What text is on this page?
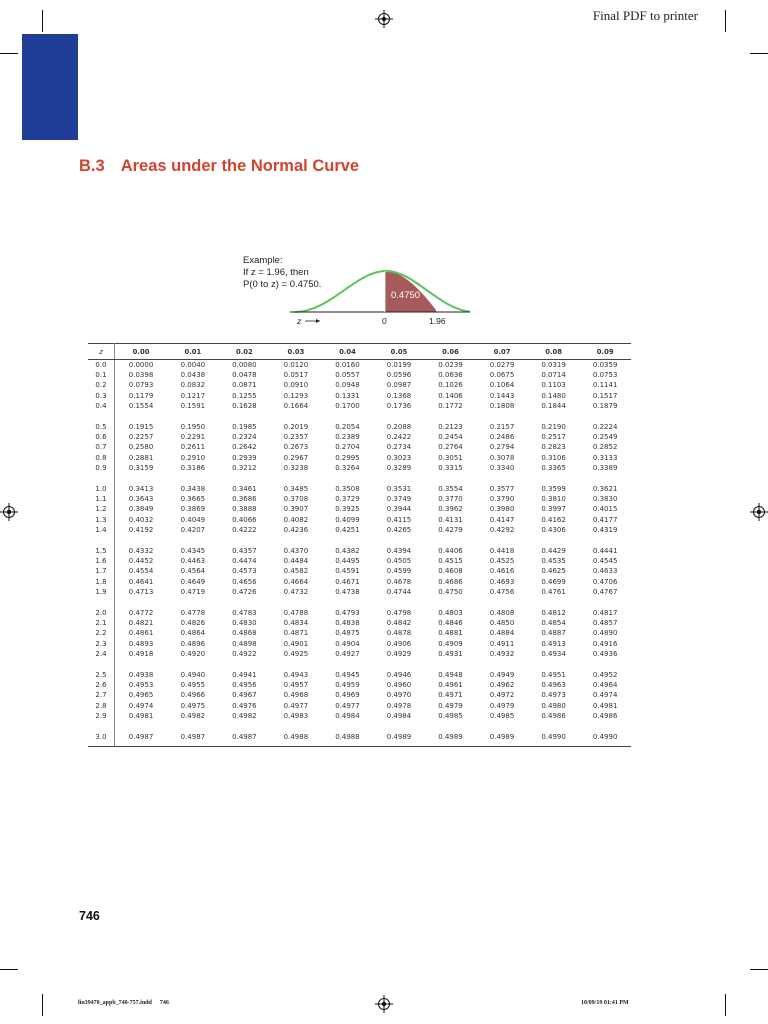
Final PDF to printer
B.3 Areas under the Normal Curve
Example:
If z = 1.96, then
P(0 to z) = 0.4750.
0.4750
z	0	1.96
z	0.00	0.01	0.02	0.03	0.04	0.05	0.06	0.07	0.08	0.09
0.0	0.0000	0.0040	0.0080	0.0120	0.0160	0.0199	0.0239	0.0279	0.0319	0.0359
0.1	0.0398	0.0438	0.0478	0.0517	0.0557	0.0596	0.0636	0.0675	0.0714	0.0753
0.2	0.0793	0.0832	0.0871	0.0910	0.0948	0.0987	0.1026	0.1064	0.1103	0.1141
0.3	0.1179	0.1217	0.1255	0.1293	0.1331	0.1368	0.1406	0.1443	0.1480	0.1517
0.4	0.1554	0.1591	0.1628	0.1664	0.1700	0.1736	0.1772	0.1808	0.1844	0.1879

0.5	0.1915	0.1950	0.1985	0.2019	0.2054	0.2088	0.2123	0.2157	0.2190	0.2224
0.6	0.2257	0.2291	0.2324	0.2357	0.2389	0.2422	0.2454	0.2486	0.2517	0.2549
0.7	0.2580	0.2611	0.2642	0.2673	0.2704	0.2734	0.2764	0.2794	0.2823	0.2852
0.8	0.2881	0.2910	0.2939	0.2967	0.2995	0.3023	0.3051	0.3078	0.3106	0.3133
0.9	0.3159	0.3186	0.3212	0.3238	0.3264	0.3289	0.3315	0.3340	0.3365	0.3389

1.0	0.3413	0.3438	0.3461	0.3485	0.3508	0.3531	0.3554	0.3577	0.3599	0.3621
1.1	0.3643	0.3665	0.3686	0.3708	0.3729	0.3749	0.3770	0.3790	0.3810	0.3830
1.2	0.3849	0.3869	0.3888	0.3907	0.3925	0.3944	0.3962	0.3980	0.3997	0.4015
1.3	0.4032	0.4049	0.4066	0.4082	0.4099	0.4115	0.4131	0.4147	0.4162	0.4177
1.4	0.4192	0.4207	0.4222	0.4236	0.4251	0.4265	0.4279	0.4292	0.4306	0.4319

1.5	0.4332	0.4345	0.4357	0.4370	0.4382	0.4394	0.4406	0.4418	0.4429	0.4441
1.6	0.4452	0.4463	0.4474	0.4484	0.4495	0.4505	0.4515	0.4525	0.4535	0.4545
1.7	0.4554	0.4564	0.4573	0.4582	0.4591	0.4599	0.4608	0.4616	0.4625	0.4633
1.8	0.4641	0.4649	0.4656	0.4664	0.4671	0.4678	0.4686	0.4693	0.4699	0.4706
1.9	0.4713	0.4719	0.4726	0.4732	0.4738	0.4744	0.4750	0.4756	0.4761	0.4767

2.0	0.4772	0.4778	0.4783	0.4788	0.4793	0.4798	0.4803	0.4808	0.4812	0.4817
2.1	0.4821	0.4826	0.4830	0.4834	0.4838	0.4842	0.4846	0.4850	0.4854	0.4857
2.2	0.4861	0.4864	0.4868	0.4871	0.4875	0.4878	0.4881	0.4884	0.4887	0.4890
2.3	0.4893	0.4896	0.4898	0.4901	0.4904	0.4906	0.4909	0.4911	0.4913	0.4916
2.4	0.4918	0.4920	0.4922	0.4925	0.4927	0.4929	0.4931	0.4932	0.4934	0.4936

2.5	0.4938	0.4940	0.4941	0.4943	0.4945	0.4946	0.4948	0.4949	0.4951	0.4952
2.6	0.4953	0.4955	0.4956	0.4957	0.4959	0.4960	0.4961	0.4962	0.4963	0.4964
2.7	0.4965	0.4966	0.4967	0.4968	0.4969	0.4970	0.4971	0.4972	0.4973	0.4974
2.8	0.4974	0.4975	0.4976	0.4977	0.4977	0.4978	0.4979	0.4979	0.4980	0.4981
2.9	0.4981	0.4982	0.4982	0.4983	0.4984	0.4984	0.4985	0.4985	0.4986	0.4986

3.0	0.4987	0.4987	0.4987	0.4988	0.4988	0.4989	0.4989	0.4989	0.4990	0.4990
746
lin39470_appb_740-757.indd 746	10/09/19 01:41 PM
